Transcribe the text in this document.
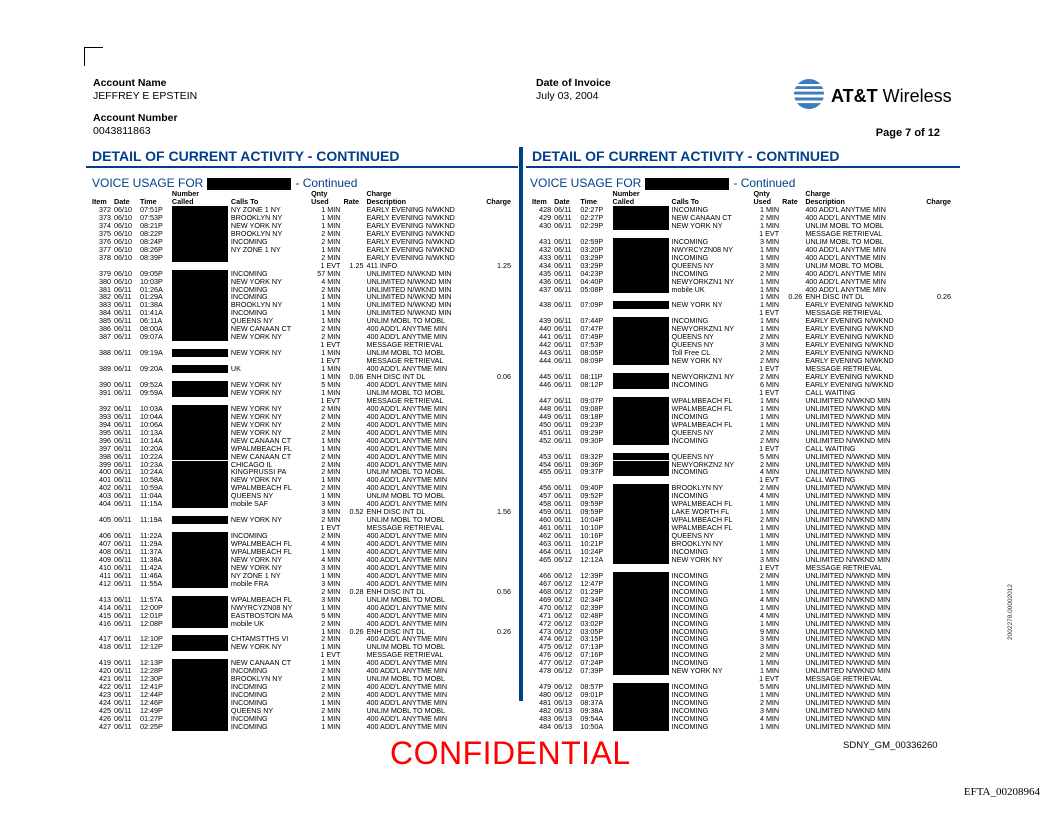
Account Name
JEFFREY E EPSTEIN
Account Number
0043811863
Date of Invoice
July 03, 2004	AT&T Wireless
Page 7 of 12
DETAIL OF CURRENT ACTIVITY - CONTINUED	DETAIL OF CURRENT ACTIVITY - CONTINUED
VOICE USAGE FOR	- Continued	VOICE USAGE FOR	- Continued

Item	Date	Time	Number
Called	Calls To	Qnty
Used	Rate	Charge
Description	Charge
372	06/10	07:51P		NY ZONE 1 NY	1 MIN		EARLY EVENING N/WKND	
373	06/10	07:53P		BROOKLYN NY	1 MIN		EARLY EVENING N/WKND	
374	06/10	08:21P		NEW YORK NY	1 MIN		EARLY EVENING N/WKND	
375	06/10	08:22P		BROOKLYN NY	2 MIN		EARLY EVENING N/WKND	
376	06/10	08:24P		INCOMING	2 MIN		EARLY EVENING N/WKND	
377	06/10	08:26P		NY ZONE 1 NY	1 MIN		EARLY EVENING N/WKND	
378	06/10	08:39P			2 MIN		EARLY EVENING N/WKND	
					1 EVT	1.25	411 INFO	1.25
379	06/10	09:05P		INCOMING	57 MIN		UNLIMITED N/WKND MIN	
380	06/10	10:03P		NEW YORK NY	4 MIN		UNLIMITED N/WKND MIN	
381	06/11	01:26A		INCOMING	2 MIN		UNLIMITED N/WKND MIN	
382	06/11	01:29A		INCOMING	1 MIN		UNLIMITED N/WKND MIN	
383	06/11	01:38A		BROOKLYN NY	1 MIN		UNLIMITED N/WKND MIN	
384	06/11	01:41A		INCOMING	1 MIN		UNLIMITED N/WKND MIN	
385	06/11	06:11A		QUEENS NY	1 MIN		UNLIM MOBL TO MOBL	
386	06/11	08:00A		NEW CANAAN CT	2 MIN		400 ADD'L ANYTME MIN	
387	06/11	09:07A		NEW YORK NY	2 MIN		400 ADD'L ANYTME MIN	
					1 EVT		MESSAGE RETRIEVAL	
388	06/11	09:19A		NEW YORK NY	1 MIN		UNLIM MOBL TO MOBL	
					1 EVT		MESSAGE RETRIEVAL	
389	06/11	09:20A		UK	1 MIN		400 ADD'L ANYTME MIN	
					1 MIN	0.06	ENH DISC INT DL	0.06
390	06/11	09:52A		NEW YORK NY	5 MIN		400 ADD'L ANYTME MIN	
391	06/11	09:59A		NEW YORK NY	1 MIN		UNLIM MOBL TO MOBL	
					1 EVT		MESSAGE RETRIEVAL	
392	06/11	10:03A		NEW YORK NY	2 MIN		400 ADD'L ANYTME MIN	
393	06/11	10:04A		NEW YORK NY	2 MIN		400 ADD'L ANYTME MIN	
394	06/11	10:06A		NEW YORK NY	2 MIN		400 ADD'L ANYTME MIN	
395	06/11	10:13A		NEW YORK NY	2 MIN		400 ADD'L ANYTME MIN	
396	06/11	10:14A		NEW CANAAN CT	1 MIN		400 ADD'L ANYTME MIN	
397	06/11	10:20A		WPALMBEACH FL	1 MIN		400 ADD'L ANYTME MIN	
398	06/11	10:22A		NEW CANAAN CT	2 MIN		400 ADD'L ANYTME MIN	
399	06/11	10:23A		CHICAGO IL	2 MIN		400 ADD'L ANYTME MIN	
400	06/11	10:24A		KINGPRUSSI PA	2 MIN		UNLIM MOBL TO MOBL	
401	06/11	10:58A		NEW YORK NY	1 MIN		400 ADD'L ANYTME MIN	
402	06/11	10:59A		WPALMBEACH FL	2 MIN		400 ADD'L ANYTME MIN	
403	06/11	11:04A		QUEENS NY	1 MIN		UNLIM MOBL TO MOBL	
404	06/11	11:15A		mobile SAF	3 MIN		400 ADD'L ANYTME MIN	
					3 MIN	0.52	ENH DISC INT DL	1.56
405	06/11	11:19A		NEW YORK NY	2 MIN		UNLIM MOBL TO MOBL	
					1 EVT		MESSAGE RETRIEVAL	
406	06/11	11:22A		INCOMING	2 MIN		400 ADD'L ANYTME MIN	
407	06/11	11:29A		WPALMBEACH FL	4 MIN		400 ADD'L ANYTME MIN	
408	06/11	11:37A		WPALMBEACH FL	1 MIN		400 ADD'L ANYTME MIN	
409	06/11	11:38A		NEW YORK NY	4 MIN		400 ADD'L ANYTME MIN	
410	06/11	11:42A		NEW YORK NY	3 MIN		400 ADD'L ANYTME MIN	
411	06/11	11:46A		NY ZONE 1 NY	1 MIN		400 ADD'L ANYTME MIN	
412	06/11	11:55A		mobile FRA	3 MIN		400 ADD'L ANYTME MIN	
					2 MIN	0.28	ENH DISC INT DL	0.56
413	06/11	11:57A		WPALMBEACH FL	3 MIN		UNLIM MOBL TO MOBL	
414	06/11	12:00P		NWYRCYZN08 NY	1 MIN		400 ADD'L ANYTME MIN	
415	06/11	12:01P		EASTBOSTON MA	5 MIN		400 ADD'L ANYTME MIN	
416	06/11	12:08P		mobile UK	2 MIN		400 ADD'L ANYTME MIN	
					1 MIN	0.26	ENH DISC INT DL	0.26
417	06/11	12:10P		CHTAMSTTHS VI	2 MIN		400 ADD'L ANYTME MIN	
418	06/11	12:12P		NEW YORK NY	1 MIN		UNLIM MOBL TO MOBL	
					1 EVT		MESSAGE RETRIEVAL	
419	06/11	12:13P		NEW CANAAN CT	1 MIN		400 ADD'L ANYTME MIN	
420	06/11	12:28P		INCOMING	2 MIN		400 ADD'L ANYTME MIN	
421	06/11	12:30P		BROOKLYN NY	1 MIN		UNLIM MOBL TO MOBL	
422	06/11	12:41P		INCOMING	2 MIN		400 ADD'L ANYTME MIN	
423	06/11	12:44P		INCOMING	2 MIN		400 ADD'L ANYTME MIN	
424	06/11	12:46P		INCOMING	1 MIN		400 ADD'L ANYTME MIN	
425	06/11	12:49P		QUEENS NY	2 MIN		UNLIM MOBL TO MOBL	
426	06/11	01:27P		INCOMING	1 MIN		400 ADD'L ANYTME MIN	
427	06/11	02:25P		INCOMING	1 MIN		400 ADD'L ANYTME MIN	

Item	Date	Time	Number
Called	Calls To	Qnty
Used	Rate	Charge
Description	Charge
428	06/11	02:27P		INCOMING	1 MIN		400 ADD'L ANYTME MIN	
429	06/11	02:27P		NEW CANAAN CT	2 MIN		400 ADD'L ANYTME MIN	
430	06/11	02:29P		NEW YORK NY	1 MIN		UNLIM MOBL TO MOBL	
					1 EVT		MESSAGE RETRIEVAL	
431	06/11	02:59P		INCOMING	3 MIN		UNLIM MOBL TO MOBL	
432	06/11	03:20P		NWYRCYZN08 NY	1 MIN		400 ADD'L ANYTME MIN	
433	06/11	03:29P		INCOMING	1 MIN		400 ADD'L ANYTME MIN	
434	06/11	03:29P		QUEENS NY	3 MIN		UNLIM MOBL TO MOBL	
435	06/11	04:23P		INCOMING	2 MIN		400 ADD'L ANYTME MIN	
436	06/11	04:40P		NEWYORKZN1 NY	1 MIN		400 ADD'L ANYTME MIN	
437	06/11	05:08P		mobile UK	1 MIN		400 ADD'L ANYTME MIN	
					1 MIN	0.26	ENH DISC INT DL	0.26
438	06/11	07:09P		NEW YORK NY	1 MIN		EARLY EVENING N/WKND	
					1 EVT		MESSAGE RETRIEVAL	
439	06/11	07:44P		INCOMING	1 MIN		EARLY EVENING N/WKND	
440	06/11	07:47P		NEWYORKZN1 NY	1 MIN		EARLY EVENING N/WKND	
441	06/11	07:49P		QUEENS NY	2 MIN		EARLY EVENING N/WKND	
442	06/11	07:53P		QUEENS NY	3 MIN		EARLY EVENING N/WKND	
443	06/11	08:05P		Toll Free CL	2 MIN		EARLY EVENING N/WKND	
444	06/11	08:09P		NEW YORK NY	2 MIN		EARLY EVENING N/WKND	
					1 EVT		MESSAGE RETRIEVAL	
445	06/11	08:11P		NEWYORKZN1 NY	2 MIN		EARLY EVENING N/WKND	
446	06/11	08:12P		INCOMING	6 MIN		EARLY EVENING N/WKND	
					1 EVT		CALL WAITING	
447	06/11	09:07P		WPALMBEACH FL	1 MIN		UNLIMITED N/WKND MIN	
448	06/11	09:08P		WPALMBEACH FL	1 MIN		UNLIMITED N/WKND MIN	
449	06/11	09:18P		INCOMING	1 MIN		UNLIMITED N/WKND MIN	
450	06/11	09:23P		WPALMBEACH FL	1 MIN		UNLIMITED N/WKND MIN	
451	06/11	09:29P		QUEENS NY	2 MIN		UNLIMITED N/WKND MIN	
452	06/11	09:30P		INCOMING	2 MIN		UNLIMITED N/WKND MIN	
					1 EVT		CALL WAITING	
453	06/11	09:32P		QUEENS NY	5 MIN		UNLIMITED N/WKND MIN	
454	06/11	09:36P		NEWYORKZN2 NY	2 MIN		UNLIMITED N/WKND MIN	
455	06/11	09:37P		INCOMING	4 MIN		UNLIMITED N/WKND MIN	
					1 EVT		CALL WAITING	
456	06/11	09:40P		BROOKLYN NY	2 MIN		UNLIMITED N/WKND MIN	
457	06/11	09:52P		INCOMING	4 MIN		UNLIMITED N/WKND MIN	
458	06/11	09:59P		WPALMBEACH FL	1 MIN		UNLIMITED N/WKND MIN	
459	06/11	09:59P		LAKE WORTH FL	1 MIN		UNLIMITED N/WKND MIN	
460	06/11	10:04P		WPALMBEACH FL	2 MIN		UNLIMITED N/WKND MIN	
461	06/11	10:10P		WPALMBEACH FL	1 MIN		UNLIMITED N/WKND MIN	
462	06/11	10:16P		QUEENS NY	1 MIN		UNLIMITED N/WKND MIN	
463	06/11	10:21P		BROOKLYN NY	1 MIN		UNLIMITED N/WKND MIN	
464	06/11	10:24P		INCOMING	1 MIN		UNLIMITED N/WKND MIN	
465	06/12	12:12A		NEW YORK NY	3 MIN		UNLIMITED N/WKND MIN	
					1 EVT		MESSAGE RETRIEVAL	
466	06/12	12:39P		INCOMING	2 MIN		UNLIMITED N/WKND MIN	
467	06/12	12:47P		INCOMING	1 MIN		UNLIMITED N/WKND MIN	
468	06/12	01:29P		INCOMING	1 MIN		UNLIMITED N/WKND MIN	
469	06/12	02:34P		INCOMING	4 MIN		UNLIMITED N/WKND MIN	
470	06/12	02:39P		INCOMING	1 MIN		UNLIMITED N/WKND MIN	
471	06/12	02:48P		INCOMING	4 MIN		UNLIMITED N/WKND MIN	
472	06/12	03:02P		INCOMING	1 MIN		UNLIMITED N/WKND MIN	
473	06/12	03:05P		INCOMING	9 MIN		UNLIMITED N/WKND MIN	
474	06/12	03:15P		INCOMING	3 MIN		UNLIMITED N/WKND MIN	
475	06/12	07:13P		INCOMING	3 MIN		UNLIMITED N/WKND MIN	
476	06/12	07:16P		INCOMING	2 MIN		UNLIMITED N/WKND MIN	
477	06/12	07:24P		INCOMING	1 MIN		UNLIMITED N/WKND MIN	
478	06/12	07:39P		NEW YORK NY	1 MIN		UNLIMITED N/WKND MIN	
					1 EVT		MESSAGE RETRIEVAL	
479	06/12	08:57P		INCOMING	5 MIN		UNLIMITED N/WKND MIN	
480	06/12	09:01P		INCOMING	1 MIN		UNLIMITED N/WKND MIN	
481	06/13	08:37A		INCOMING	2 MIN		UNLIMITED N/WKND MIN	
482	06/13	09:38A		INCOMING	3 MIN		UNLIMITED N/WKND MIN	
483	06/13	09:54A		INCOMING	4 MIN		UNLIMITED N/WKND MIN	
484	06/13	10:50A		INCOMING	1 MIN		UNLIMITED N/WKND MIN	
CONFIDENTIAL	SDNY_GM_00336260
EFTA_00208964
2002278.00002012
